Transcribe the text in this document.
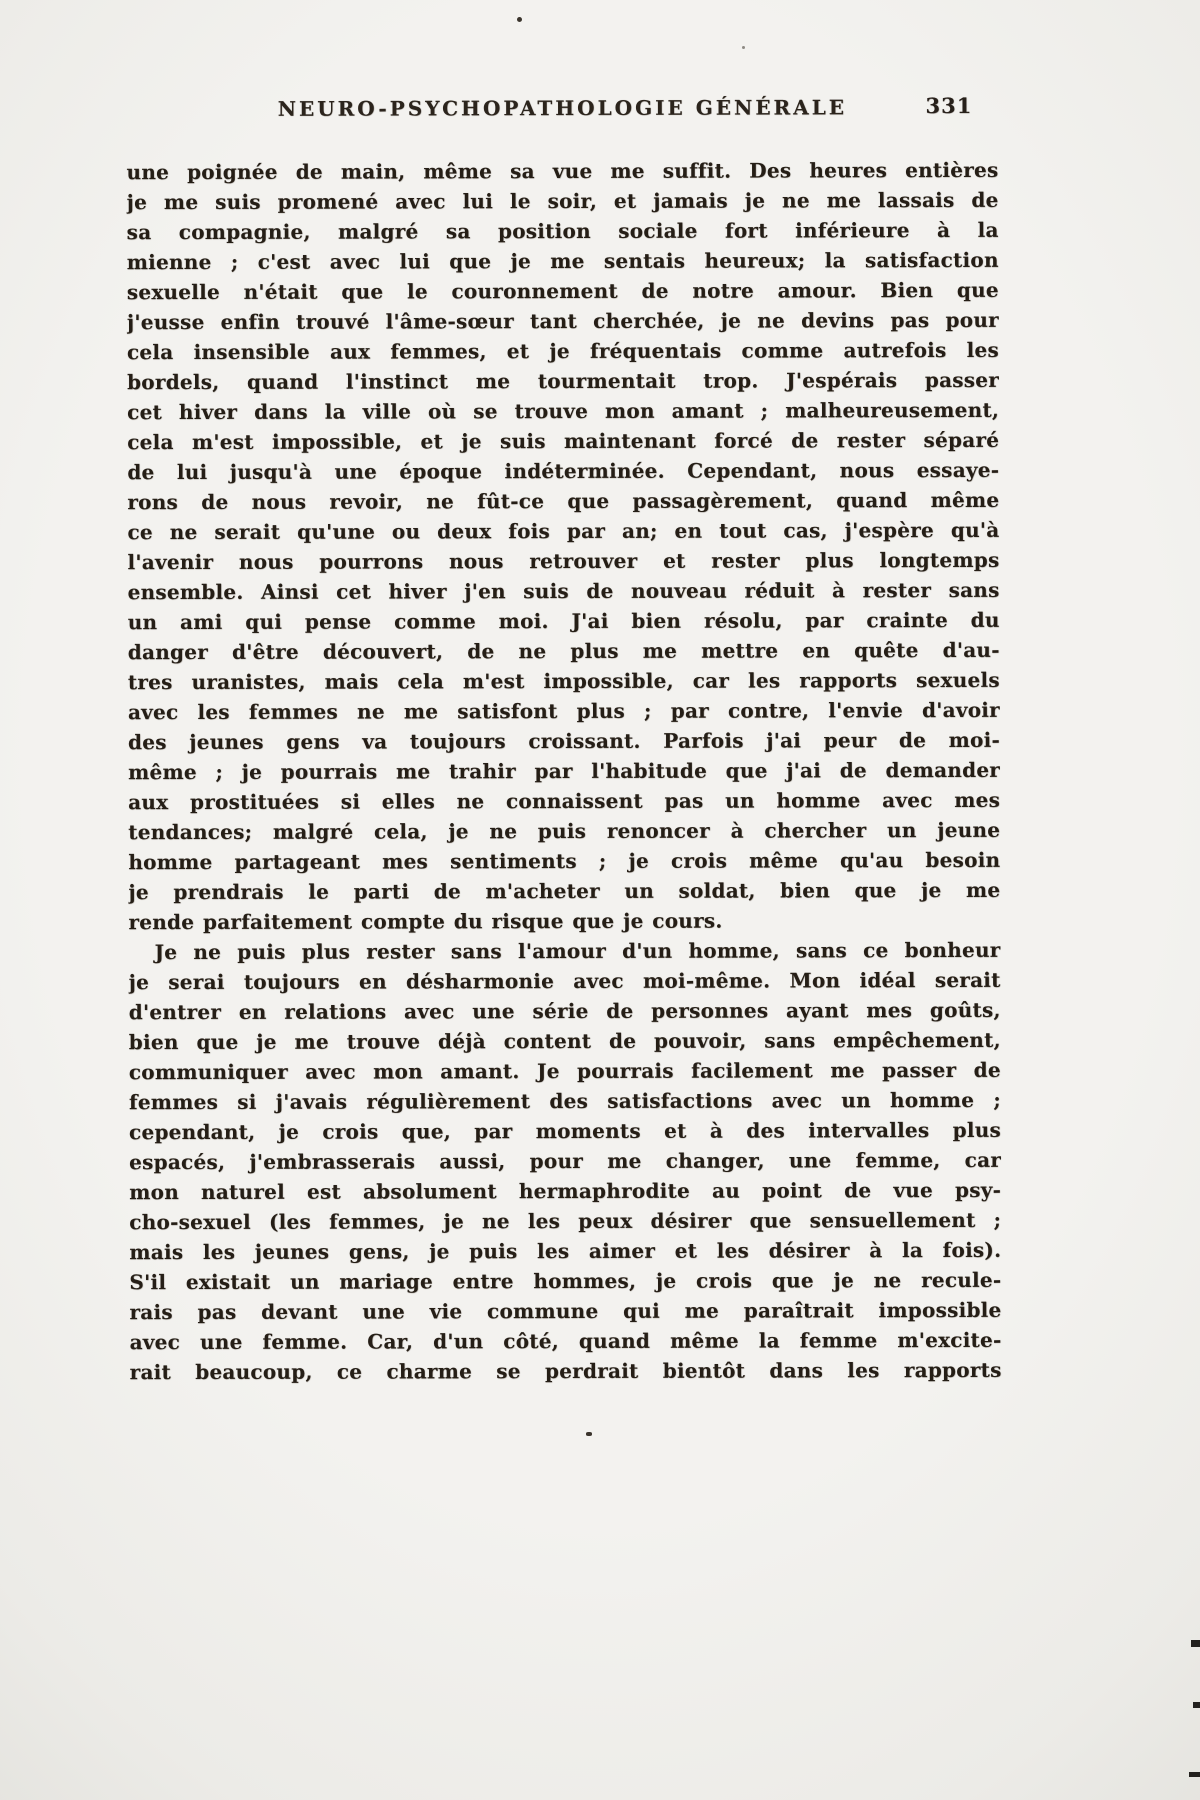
NEURO-PSYCHOPATHOLOGIE GÉNÉRALE	331
une poignée de main, même sa vue me suffit. Des heures entières
je me suis promené avec lui le soir, et jamais je ne me lassais de
sa compagnie, malgré sa position sociale fort inférieure à la
mienne ; c'est avec lui que je me sentais heureux; la satisfaction
sexuelle n'était que le couronnement de notre amour. Bien que
j'eusse enfin trouvé l'âme-sœur tant cherchée, je ne devins pas pour
cela insensible aux femmes, et je fréquentais comme autrefois les
bordels, quand l'instinct me tourmentait trop. J'espérais passer
cet hiver dans la ville où se trouve mon amant ; malheureusement,
cela m'est impossible, et je suis maintenant forcé de rester séparé
de lui jusqu'à une époque indéterminée. Cependant, nous essaye-
rons de nous revoir, ne fût-ce que passagèrement, quand même
ce ne serait qu'une ou deux fois par an; en tout cas, j'espère qu'à
l'avenir nous pourrons nous retrouver et rester plus longtemps
ensemble. Ainsi cet hiver j'en suis de nouveau réduit à rester sans
un ami qui pense comme moi. J'ai bien résolu, par crainte du
danger d'être découvert, de ne plus me mettre en quête d'au-
tres uranistes, mais cela m'est impossible, car les rapports sexuels
avec les femmes ne me satisfont plus ; par contre, l'envie d'avoir
des jeunes gens va toujours croissant. Parfois j'ai peur de moi-
même ; je pourrais me trahir par l'habitude que j'ai de demander
aux prostituées si elles ne connaissent pas un homme avec mes
tendances; malgré cela, je ne puis renoncer à chercher un jeune
homme partageant mes sentiments ; je crois même qu'au besoin
je prendrais le parti de m'acheter un soldat, bien que je me
rende parfaitement compte du risque que je cours.
Je ne puis plus rester sans l'amour d'un homme, sans ce bonheur
je serai toujours en désharmonie avec moi-même. Mon idéal serait
d'entrer en relations avec une série de personnes ayant mes goûts,
bien que je me trouve déjà content de pouvoir, sans empêchement,
communiquer avec mon amant. Je pourrais facilement me passer de
femmes si j'avais régulièrement des satisfactions avec un homme ;
cependant, je crois que, par moments et à des intervalles plus
espacés, j'embrasserais aussi, pour me changer, une femme, car
mon naturel est absolument hermaphrodite au point de vue psy-
cho-sexuel (les femmes, je ne les peux désirer que sensuellement ;
mais les jeunes gens, je puis les aimer et les désirer à la fois).
S'il existait un mariage entre hommes, je crois que je ne recule-
rais pas devant une vie commune qui me paraîtrait impossible
avec une femme. Car, d'un côté, quand même la femme m'excite-
rait beaucoup, ce charme se perdrait bientôt dans les rapports
